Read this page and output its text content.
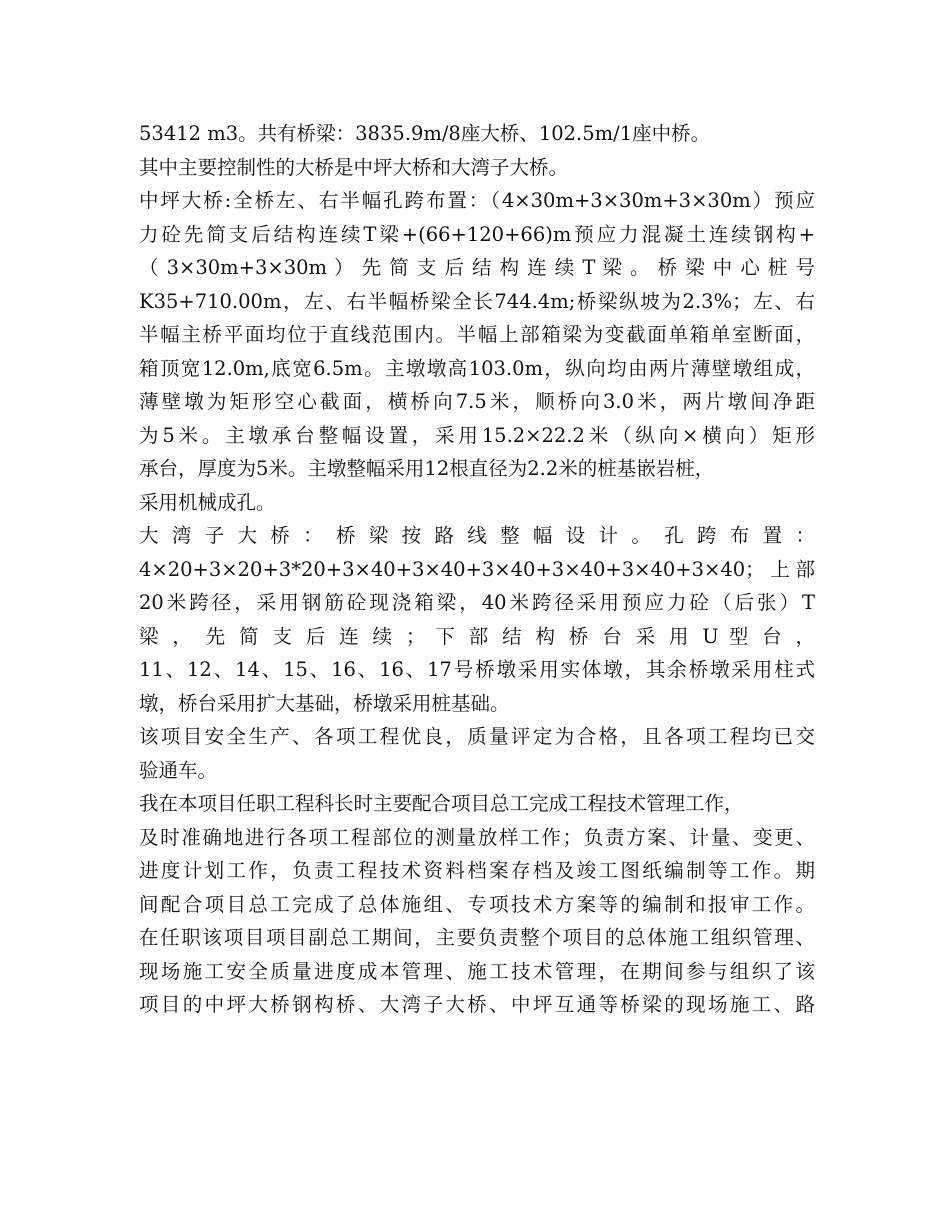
53412 m3。共有桥梁：3835.9m/8座大桥、102.5m/1座中桥。
其中主要控制性的大桥是中坪大桥和大湾子大桥。
中坪大桥:全桥左、右半幅孔跨布置：（4×30m+3×30m+3×30m）预应
力砼先简支后结构连续T梁+(66+120+66)m预应力混凝土连续钢构+
（ 3×30m+3×30m ） 先 简 支 后 结 构 连 续 T 梁 。 桥 梁 中 心 桩 号
K35+710.00m，左、右半幅桥梁全长744.4m;桥梁纵坡为2.3%；左、右
半幅主桥平面均位于直线范围内。半幅上部箱梁为变截面单箱单室断面，
箱顶宽12.0m,底宽6.5m。主墩墩高103.0m，纵向均由两片薄壁墩组成，
薄壁墩为矩形空心截面，横桥向7.5米，顺桥向3.0米，两片墩间净距
为5米。主墩承台整幅设置，采用15.2×22.2米（纵向×横向）矩形
承台，厚度为5米。主墩整幅采用12根直径为2.2米的桩基嵌岩桩，
采用机械成孔。
大 湾 子 大 桥 ： 桥 梁 按 路 线 整 幅 设 计 。 孔 跨 布 置 ：
4×20+3×20+3*20+3×40+3×40+3×40+3×40+3×40+3×40；上部
20米跨径，采用钢筋砼现浇箱梁，40米跨径采用预应力砼（后张）T
梁 ， 先 简 支 后 连 续 ； 下 部 结 构 桥 台 采 用 U 型 台 ，
11、12、14、15、16、16、17号桥墩采用实体墩，其余桥墩采用柱式
墩，桥台采用扩大基础，桥墩采用桩基础。
该项目安全生产、各项工程优良，质量评定为合格，且各项工程均已交
验通车。
我在本项目任职工程科长时主要配合项目总工完成工程技术管理工作，
及时准确地进行各项工程部位的测量放样工作；负责方案、计量、变更、
进度计划工作，负责工程技术资料档案存档及竣工图纸编制等工作。期
间配合项目总工完成了总体施组、专项技术方案等的编制和报审工作。
在任职该项目项目副总工期间，主要负责整个项目的总体施工组织管理、
现场施工安全质量进度成本管理、施工技术管理，在期间参与组织了该
项目的中坪大桥钢构桥、大湾子大桥、中坪互通等桥梁的现场施工、路
